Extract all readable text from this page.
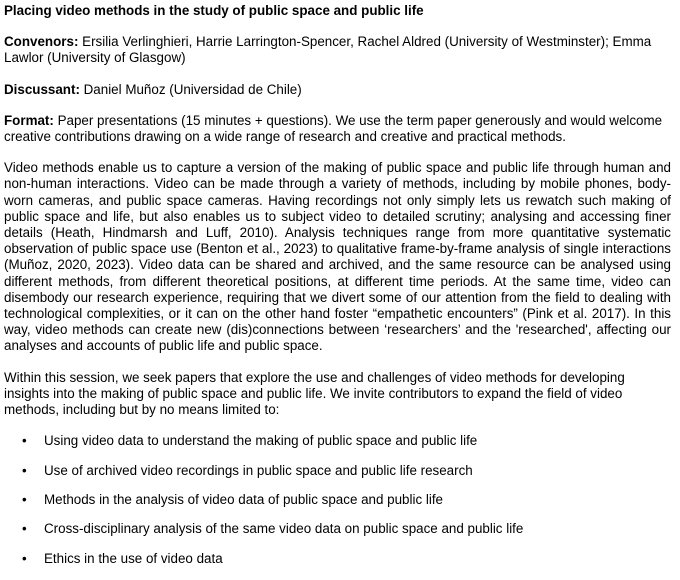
Placing video methods in the study of public space and public life
Convenors: Ersilia Verlinghieri, Harrie Larrington-Spencer, Rachel Aldred (University of Westminster); Emma Lawlor (University of Glasgow)
Discussant: Daniel Muñoz (Universidad de Chile)
Format: Paper presentations (15 minutes + questions). We use the term paper generously and would welcome creative contributions drawing on a wide range of research and creative and practical methods.
Video methods enable us to capture a version of the making of public space and public life through human and non-human interactions. Video can be made through a variety of methods, including by mobile phones, body-worn cameras, and public space cameras. Having recordings not only simply lets us rewatch such making of public space and life, but also enables us to subject video to detailed scrutiny; analysing and accessing finer details (Heath, Hindmarsh and Luff, 2010). Analysis techniques range from more quantitative systematic observation of public space use (Benton et al., 2023) to qualitative frame-by-frame analysis of single interactions (Muñoz, 2020, 2023). Video data can be shared and archived, and the same resource can be analysed using different methods, from different theoretical positions, at different time periods. At the same time, video can disembody our research experience, requiring that we divert some of our attention from the field to dealing with technological complexities, or it can on the other hand foster “empathetic encounters” (Pink et al. 2017). In this way, video methods can create new (dis)connections between ‘researchers’ and the 'researched', affecting our analyses and accounts of public life and public space.
Within this session, we seek papers that explore the use and challenges of video methods for developing insights into the making of public space and public life. We invite contributors to expand the field of video methods, including but by no means limited to:
• Using video data to understand the making of public space and public life
• Use of archived video recordings in public space and public life research
• Methods in the analysis of video data of public space and public life
• Cross-disciplinary analysis of the same video data on public space and public life
• Ethics in the use of video data
